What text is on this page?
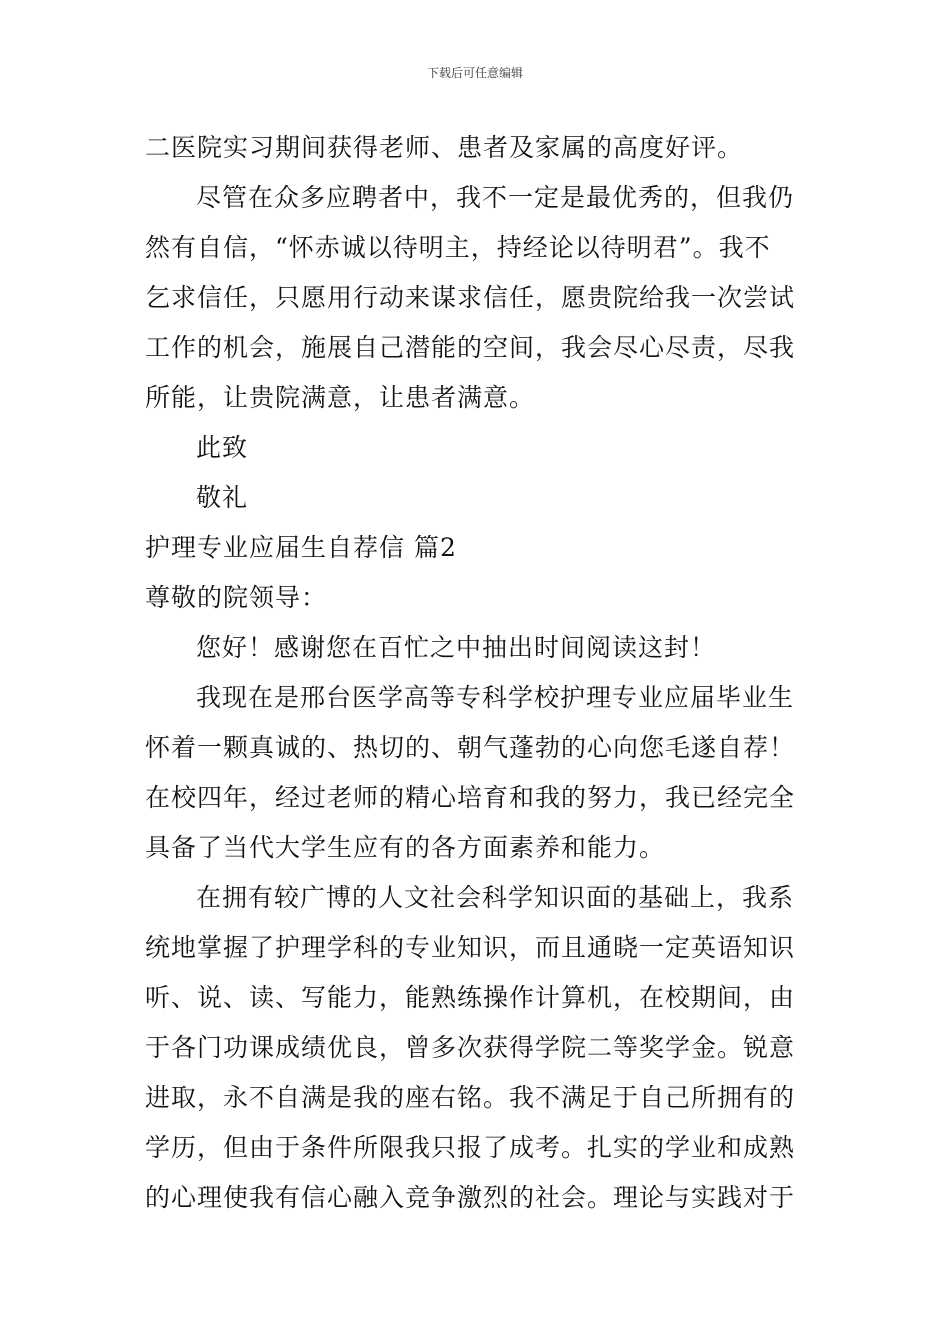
下载后可任意编辑
二医院实习期间获得老师、患者及家属的高度好评。
尽管在众多应聘者中，我不一定是最优秀的，但我仍
然有自信，“怀赤诚以待明主，持经论以待明君”。我不
乞求信任，只愿用行动来谋求信任，愿贵院给我一次尝试
工作的机会，施展自己潜能的空间，我会尽心尽责，尽我
所能，让贵院满意，让患者满意。
此致
敬礼
护理专业应届生自荐信 篇2
尊敬的院领导：
您好！感谢您在百忙之中抽出时间阅读这封！
我现在是邢台医学高等专科学校护理专业应届毕业生
怀着一颗真诚的、热切的、朝气蓬勃的心向您毛遂自荐！
在校四年，经过老师的精心培育和我的努力，我已经完全
具备了当代大学生应有的各方面素养和能力。
在拥有较广博的人文社会科学知识面的基础上，我系
统地掌握了护理学科的专业知识，而且通晓一定英语知识
听、说、读、写能力，能熟练操作计算机，在校期间，由
于各门功课成绩优良，曾多次获得学院二等奖学金。锐意
进取，永不自满是我的座右铭。我不满足于自己所拥有的
学历，但由于条件所限我只报了成考。扎实的学业和成熟
的心理使我有信心融入竞争激烈的社会。理论与实践对于
